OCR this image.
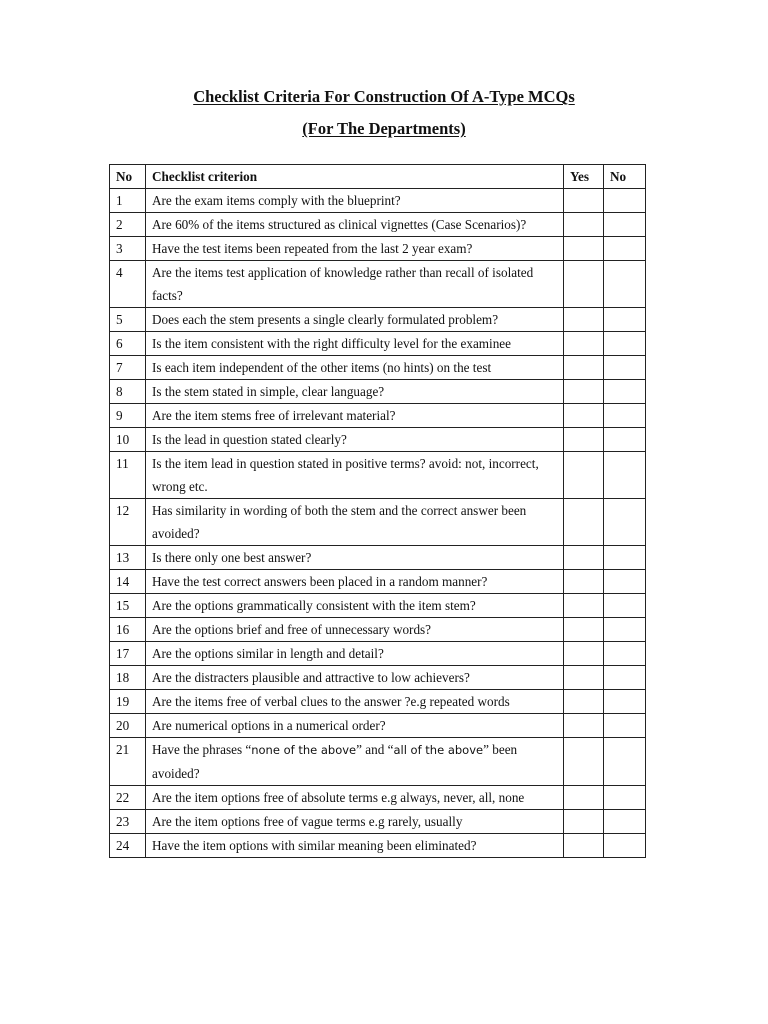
Checklist Criteria For Construction Of A-Type MCQs
(For The Departments)
No	Checklist criterion	Yes	No
1	Are the exam items comply with the blueprint?		
2	Are 60% of the items structured as clinical vignettes (Case Scenarios)?		
3	Have the test items been repeated from the last 2 year exam?		
4	Are the items test application of knowledge rather than recall of isolated facts?		
5	Does each the stem presents a single clearly formulated problem?		
6	Is the item consistent with the right difficulty level for the examinee		
7	Is each item independent of the other items (no hints) on the test		
8	Is the stem stated in simple, clear language?		
9	Are the item stems free of irrelevant material?		
10	Is the lead in question stated clearly?		
11	Is the item lead in question stated in positive terms? avoid: not, incorrect, wrong etc.		
12	Has similarity in wording of both the stem and the correct answer been avoided?		
13	Is there only one best answer?		
14	Have the test correct answers been placed in a random manner?		
15	Are the options grammatically consistent with the item stem?		
16	Are the options brief and free of unnecessary words?		
17	Are the options similar in length and detail?		
18	Are the distracters plausible and attractive to low achievers?		
19	Are the items free of verbal clues to the answer ?e.g repeated words		
20	Are numerical options in a numerical order?		
21	Have the phrases “none of the above” and “all of the above” been avoided?		
22	Are the item options free of absolute terms e.g always, never, all, none		
23	Are the item options free of vague terms e.g rarely, usually		
24	Have the item options with similar meaning been eliminated?		
